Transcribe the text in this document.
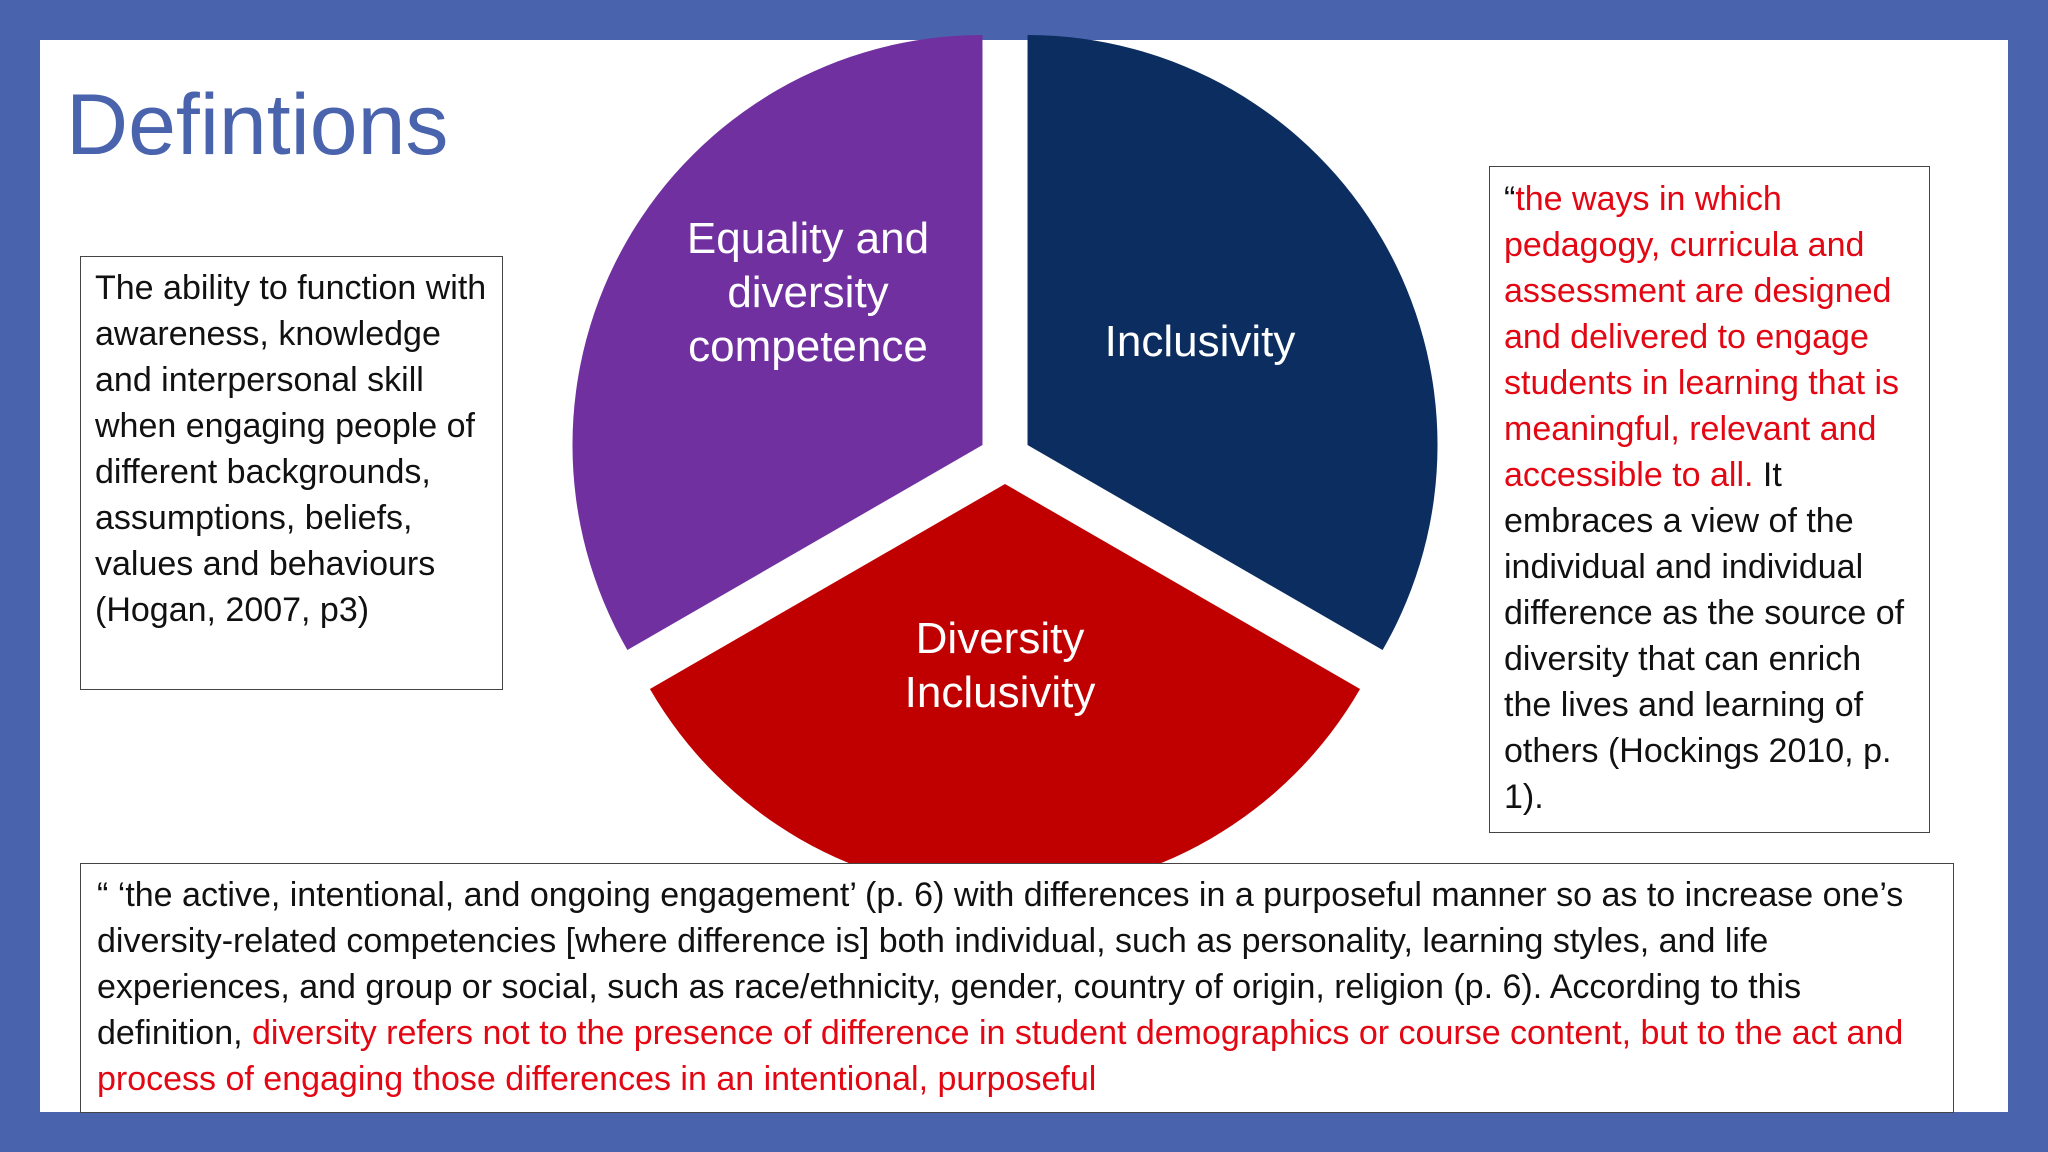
Defintions
Equality and
diversity
competence	Inclusivity
Diversity
Inclusivity
The ability to function with awareness, knowledge and interpersonal skill when engaging people of different backgrounds, assumptions, beliefs, values and behaviours (Hogan, 2007, p3)
“the ways in which pedagogy, curricula and assessment are designed and delivered to engage students in learning that is meaningful, relevant and accessible to all. It embraces a view of the individual and individual difference as the source of diversity that can enrich the lives and learning of others (Hockings 2010, p. 1).
“ ‘the active, intentional, and ongoing engagement’ (p. 6) with differences in a purposeful manner so as to increase one’s diversity-related competencies [where difference is] both individual, such as personality, learning styles, and life experiences, and group or social, such as race/ethnicity, gender, country of origin, religion (p. 6). According to this definition, diversity refers not to the presence of difference in student demographics or course content, but to the act and process of engaging those differences in an intentional, purposeful
